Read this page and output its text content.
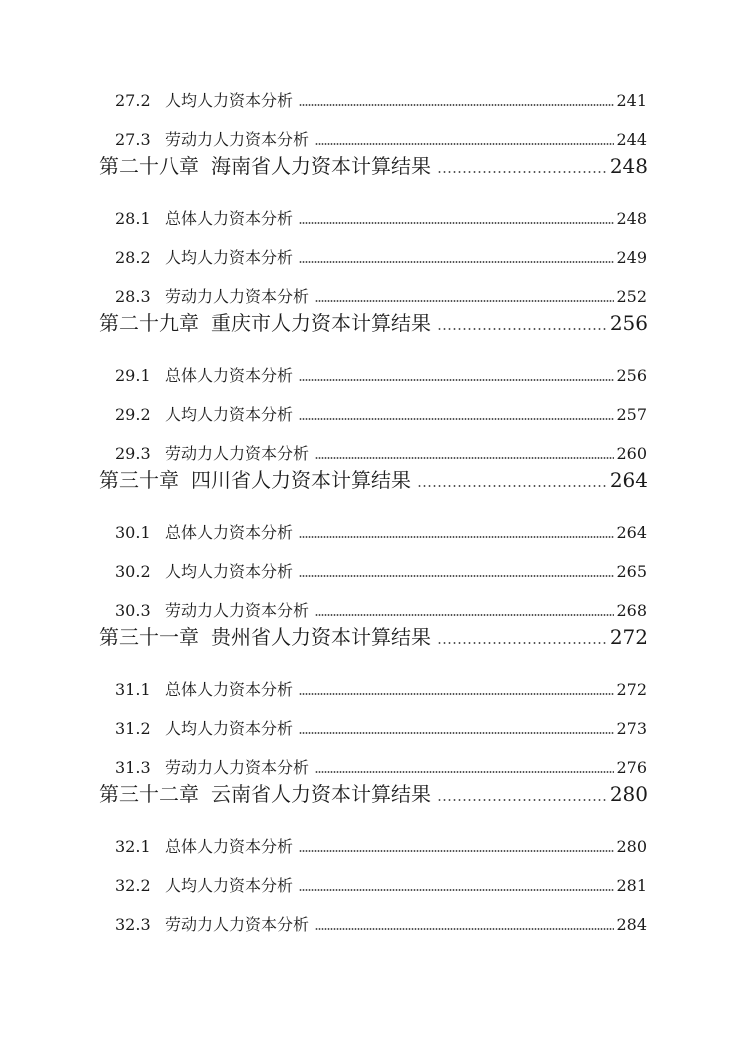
27.2 人均人力资本分析	241
27.3 劳动力人力资本分析	244
第二十八章 海南省人力资本计算结果	248
28.1 总体人力资本分析	248
28.2 人均人力资本分析	249
28.3 劳动力人力资本分析	252
第二十九章 重庆市人力资本计算结果	256
29.1 总体人力资本分析	256
29.2 人均人力资本分析	257
29.3 劳动力人力资本分析	260
第三十章 四川省人力资本计算结果	264
30.1 总体人力资本分析	264
30.2 人均人力资本分析	265
30.3 劳动力人力资本分析	268
第三十一章 贵州省人力资本计算结果	272
31.1 总体人力资本分析	272
31.2 人均人力资本分析	273
31.3 劳动力人力资本分析	276
第三十二章 云南省人力资本计算结果	280
32.1 总体人力资本分析	280
32.2 人均人力资本分析	281
32.3 劳动力人力资本分析	284
